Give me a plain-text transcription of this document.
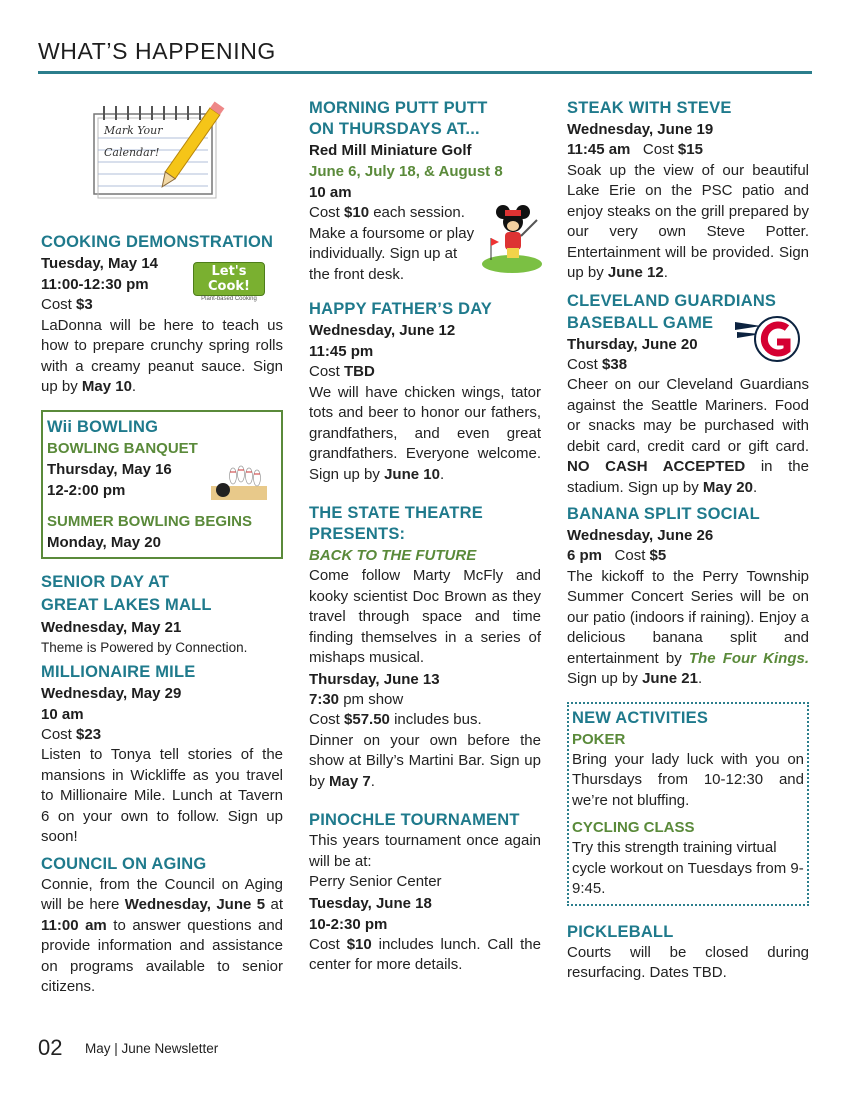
WHAT’S HAPPENING
Mark Your
Calendar!
COOKING DEMONSTRATION
Tuesday, May 14
11:00-12:30 pm
Cost $3
LaDonna will be here to teach us how to prepare crunchy spring rolls with a creamy peanut sauce. Sign up by May 10.
Let's Cook!
Plant-based Cooking
Wii BOWLING
BOWLING BANQUET
Thursday, May 16
12-2:00 pm
SUMMER BOWLING BEGINS
Monday, May 20
SENIOR DAY AT
GREAT LAKES MALL
Wednesday, May 21
Theme is Powered by Connection.
MILLIONAIRE MILE
Wednesday, May 29
10 am
Cost $23
Listen to Tonya tell stories of the mansions in Wickliffe as you travel to Millionaire Mile. Lunch at Tavern 6 on your own to follow. Sign up soon!
COUNCIL ON AGING
Connie, from the Council on Aging will be here Wednesday, June 5 at 11:00 am to answer questions and provide information and assistance on programs available to senior citizens.
MORNING PUTT PUTT
ON THURSDAYS AT...
Red Mill Miniature Golf
June 6, July 18, & August 8
10 am
Cost $10 each session.
Make a foursome or play individually. Sign up at the front desk.
HAPPY FATHER’S DAY
Wednesday, June 12
11:45 pm
Cost TBD
We will have chicken wings, tator tots and beer to honor our fathers, grandfathers, and even great grandfathers. Everyone welcome. Sign up by June 10.
THE STATE THEATRE
PRESENTS:
BACK TO THE FUTURE
Come follow Marty McFly and kooky scientist Doc Brown as they travel through space and time finding themselves in a series of mishaps musical.
Thursday, June 13
7:30 pm show
Cost $57.50 includes bus.
Dinner on your own before the show at Billy’s Martini Bar. Sign up by May 7.
PINOCHLE TOURNAMENT
This years tournament once again will be at:
Perry Senior Center
Tuesday, June 18
10-2:30 pm
Cost $10 includes lunch. Call the center for more details.
STEAK WITH STEVE
Wednesday, June 19
11:45 am Cost $15
Soak up the view of our beautiful Lake Erie on the PSC patio and enjoy steaks on the grill prepared by our very own Steve Potter. Entertainment will be provided. Sign up by June 12.
CLEVELAND GUARDIANS
BASEBALL GAME
Thursday, June 20
Cost $38
Cheer on our Cleveland Guardians against the Seattle Mariners. Food or snacks may be purchased with debit card, credit card or gift card. NO CASH ACCEPTED in the stadium. Sign up by May 20.
BANANA SPLIT SOCIAL
Wednesday, June 26
6 pm Cost $5
The kickoff to the Perry Township Summer Concert Series will be on our patio (indoors if raining). Enjoy a delicious banana split and entertainment by The Four Kings. Sign up by June 21.
NEW ACTIVITIES
POKER
Bring your lady luck with you on Thursdays from 10-12:30 and we’re not bluffing.
CYCLING CLASS
Try this strength training virtual cycle workout on Tuesdays from 9-9:45.
PICKLEBALL
Courts will be closed during resurfacing. Dates TBD.
02 May | June Newsletter
